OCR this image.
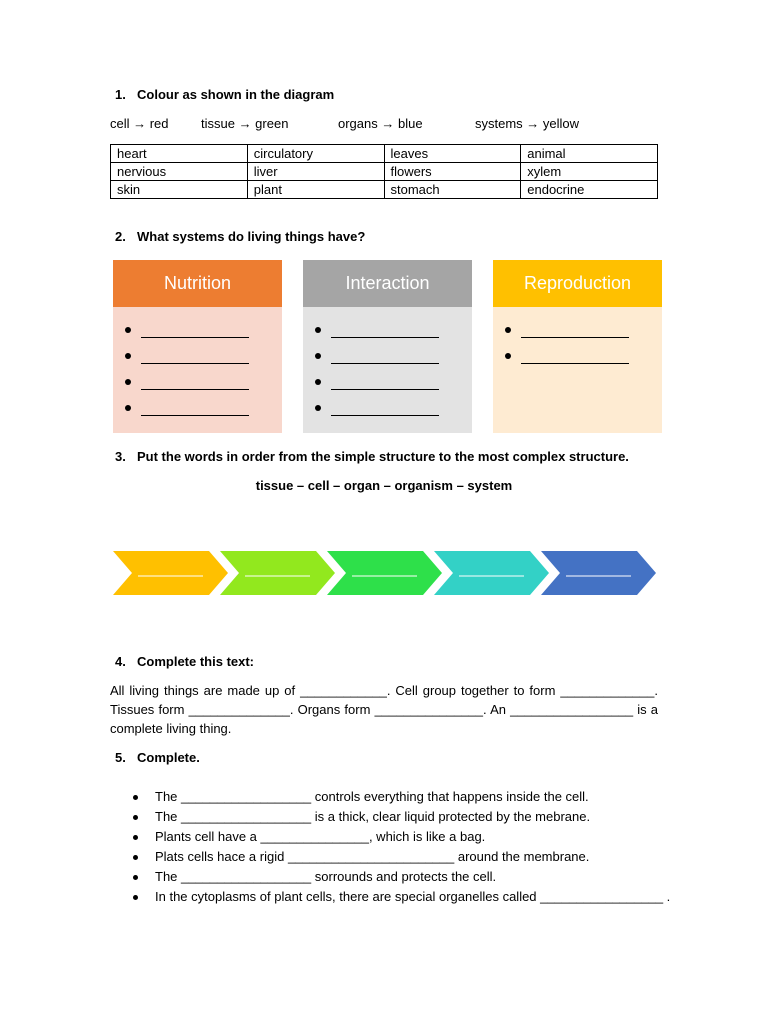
1. Colour as shown in the diagram
cell → red tissue → green	organs → blue	systems → yellow
heart	circulatory	leaves	animal
nervious	liver	flowers	xylem
skin	plant	stomach	endocrine
2. What systems do living things have?
Nutrition	Interaction	Reproduction
3. Put the words in order from the simple structure to the most complex structure.
tissue – cell – organ – organism – system
4. Complete this text:
All living things are made up of ____________. Cell group together to form _____________. Tissues form ______________. Organs form _______________. An _________________ is a complete living thing.
5. Complete.
The __________________ controls everything that happens inside the cell.
The __________________ is a thick, clear liquid protected by the mebrane.
Plants cell have a _______________, which is like a bag.
Plats cells hace a rigid _______________________ around the membrane.
The __________________ sorrounds and protects the cell.
In the cytoplasms of plant cells, there are special organelles called _________________ .
